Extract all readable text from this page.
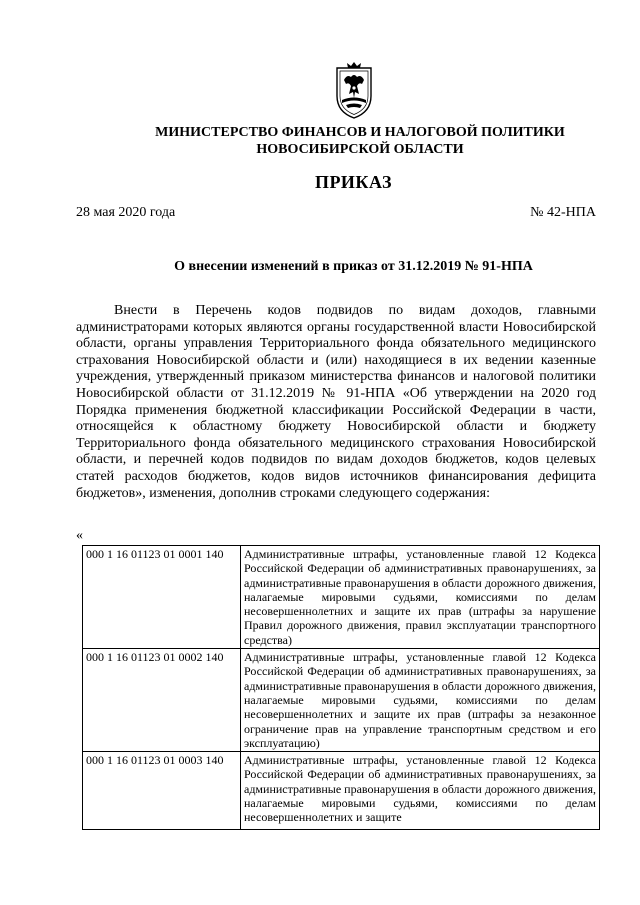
МИНИСТЕРСТВО ФИНАНСОВ И НАЛОГОВОЙ ПОЛИТИКИ
НОВОСИБИРСКОЙ ОБЛАСТИ
ПРИКАЗ
28 мая 2020 года	№ 42-НПА
О внесении изменений в приказ от 31.12.2019 № 91-НПА

Внести в Перечень кодов подвидов по видам доходов, главными администраторами которых являются органы государственной власти Новосибирской области, органы управления Территориального фонда обязательного медицинского страхования Новосибирской области и (или) находящиеся в их ведении казенные учреждения, утвержденный приказом министерства финансов и налоговой политики Новосибирской области от 31.12.2019 № 91-НПА «Об утверждении на 2020 год Порядка применения бюджетной классификации Российской Федерации в части, относящейся к областному бюджету Новосибирской области и бюджету Территориального фонда обязательного медицинского страхования Новосибирской области, и перечней кодов подвидов по видам доходов бюджетов, кодов целевых статей расходов бюджетов, кодов видов источников финансирования дефицита бюджетов», изменения, дополнив строками следующего содержания:

«
000 1 16 01123 01 0001 140	Административные штрафы, установленные главой 12 Кодекса Российской Федерации об административных правонарушениях, за административные правонарушения в области дорожного движения, налагаемые мировыми судьями, комиссиями по делам несовершеннолетних и защите их прав (штрафы за нарушение Правил дорожного движения, правил эксплуатации транспортного средства)
000 1 16 01123 01 0002 140	Административные штрафы, установленные главой 12 Кодекса Российской Федерации об административных правонарушениях, за административные правонарушения в области дорожного движения, налагаемые мировыми судьями, комиссиями по делам несовершеннолетних и защите их прав (штрафы за незаконное ограничение прав на управление транспортным средством и его эксплуатацию)
000 1 16 01123 01 0003 140	Административные штрафы, установленные главой 12 Кодекса Российской Федерации об административных правонарушениях, за административные правонарушения в области дорожного движения, налагаемые мировыми судьями, комиссиями по делам несовершеннолетних и защите
